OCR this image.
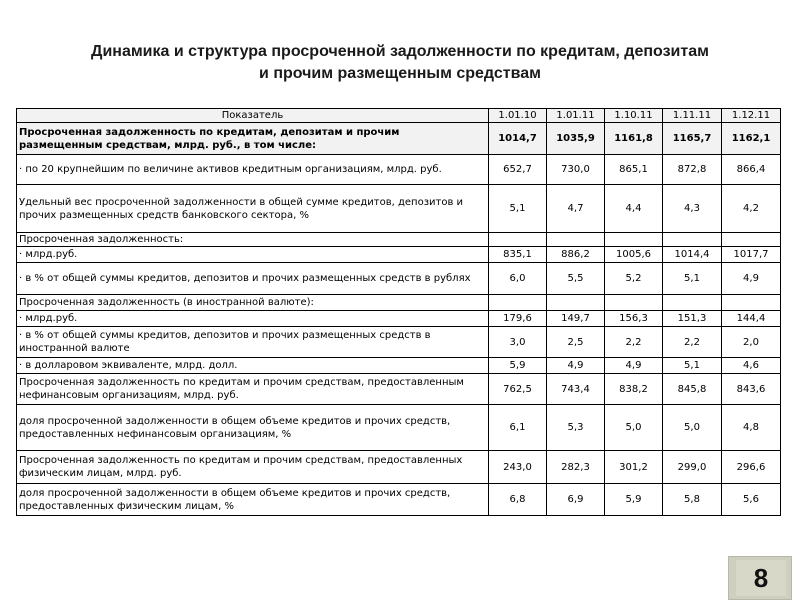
Динамика и структура просроченной задолженности по кредитам, депозитам
и прочим размещенным средствам
Показатель	1.01.10	1.01.11	1.10.11	1.11.11	1.12.11
Просроченная задолженность по кредитам, депозитам и прочим размещенным средствам, млрд. руб., в том числе:	1014,7	1035,9	1161,8	1165,7	1162,1
· по 20 крупнейшим по величине активов кредитным организациям, млрд. руб.	652,7	730,0	865,1	872,8	866,4
Удельный вес просроченной задолженности в общей сумме кредитов, депозитов и прочих размещенных средств банковского сектора, %	5,1	4,7	4,4	4,3	4,2
Просроченная задолженность:					
· млрд.руб.	835,1	886,2	1005,6	1014,4	1017,7
· в % от общей суммы кредитов, депозитов и прочих размещенных средств в рублях	6,0	5,5	5,2	5,1	4,9
Просроченная задолженность (в иностранной валюте):					
· млрд.руб.	179,6	149,7	156,3	151,3	144,4
· в % от общей суммы кредитов, депозитов и прочих размещенных средств в иностранной валюте	3,0	2,5	2,2	2,2	2,0
· в долларовом эквиваленте, млрд. долл.	5,9	4,9	4,9	5,1	4,6
Просроченная задолженность по кредитам и прочим средствам, предоставленным нефинансовым организациям, млрд. руб.	762,5	743,4	838,2	845,8	843,6
доля просроченной задолженности в общем объеме кредитов и прочих средств, предоставленных нефинансовым организациям, %	6,1	5,3	5,0	5,0	4,8
Просроченная задолженность по кредитам и прочим средствам, предоставленных физическим лицам, млрд. руб.	243,0	282,3	301,2	299,0	296,6
доля просроченной задолженности в общем объеме кредитов и прочих средств, предоставленных физическим лицам, %	6,8	6,9	5,9	5,8	5,6
8
